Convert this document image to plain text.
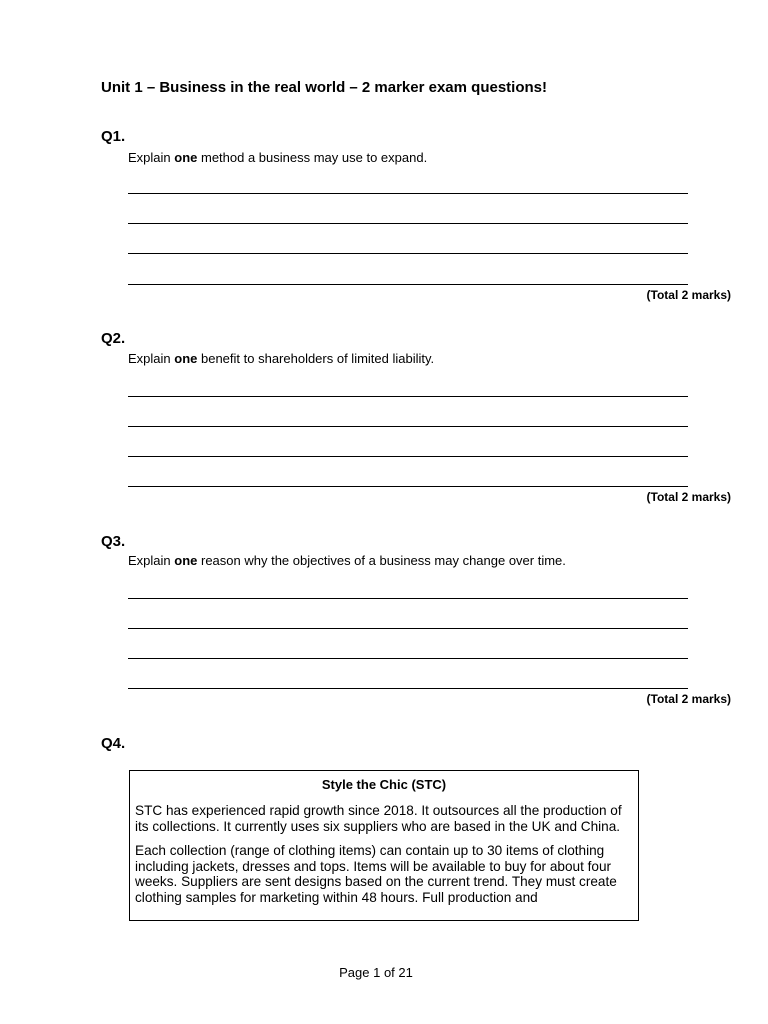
Unit 1 – Business in the real world – 2 marker exam questions!
Q1.
Explain one method a business may use to expand.
(Total 2 marks)
Q2.
Explain one benefit to shareholders of limited liability.
(Total 2 marks)
Q3.
Explain one reason why the objectives of a business may change over time.
(Total 2 marks)
Q4.
Style the Chic (STC)

STC has experienced rapid growth since 2018. It outsources all the production of its collections. It currently uses six suppliers who are based in the UK and China.

Each collection (range of clothing items) can contain up to 30 items of clothing including jackets, dresses and tops. Items will be available to buy for about four weeks. Suppliers are sent designs based on the current trend. They must create clothing samples for marketing within 48 hours. Full production and

Page 1 of 21
